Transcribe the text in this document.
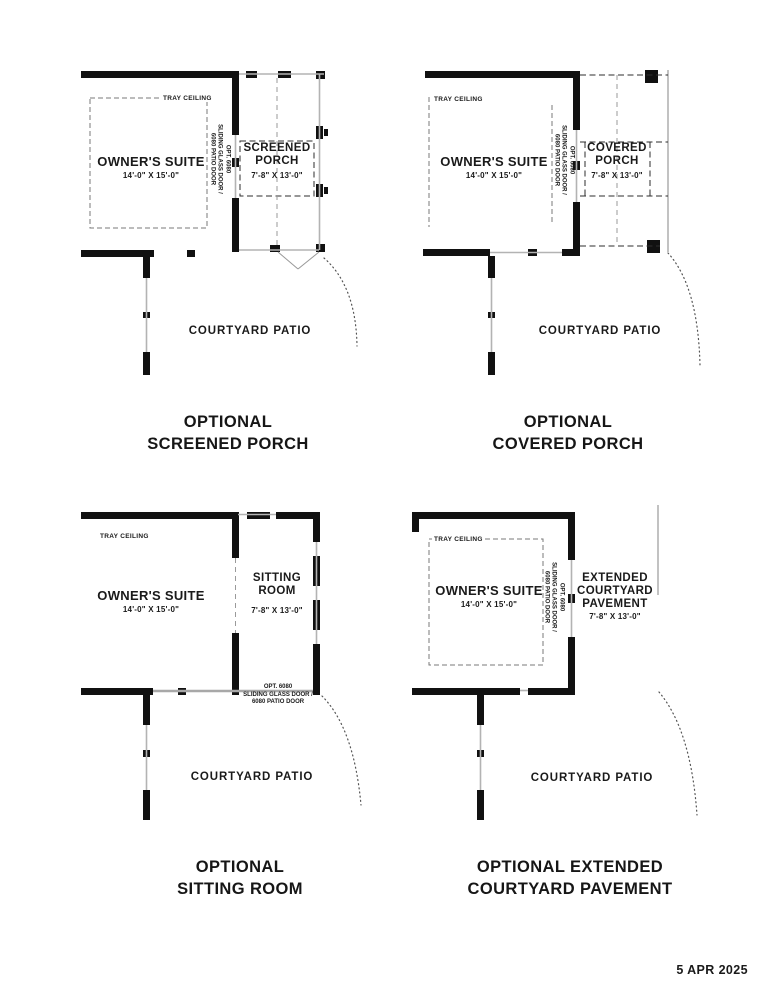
TRAY CEILING
OWNER'S SUITE
14'-0" X 15'-0"
OPT. 6080
SLIDING GLASS DOOR /
6080 PATIO DOOR	SCREENED
PORCH
7'-8" X 13'-0"
COURTYARD PATIO
OPTIONAL
SCREENED PORCH
TRAY CEILING
OWNER'S SUITE
14'-0" X 15'-0"
OPT. 6080
SLIDING GLASS DOOR /
6080 PATIO DOOR	COVERED
PORCH
7'-8" X 13'-0"
COURTYARD PATIO
OPTIONAL
COVERED PORCH
TRAY CEILING
OWNER'S SUITE
14'-0" X 15'-0"
SITTING
ROOM
7'-8" X 13'-0"
OPT. 6080
SLIDING GLASS DOOR /
6080 PATIO DOOR
COURTYARD PATIO
OPTIONAL
SITTING ROOM
TRAY CEILING
OWNER'S SUITE
14'-0" X 15'-0"	OPT. 6080
SLIDING GLASS DOOR /
6080 PATIO DOOR	EXTENDED
COURTYARD
PAVEMENT
7'-8" X 13'-0"
COURTYARD PATIO
OPTIONAL EXTENDED
COURTYARD PAVEMENT
5 APR 2025
